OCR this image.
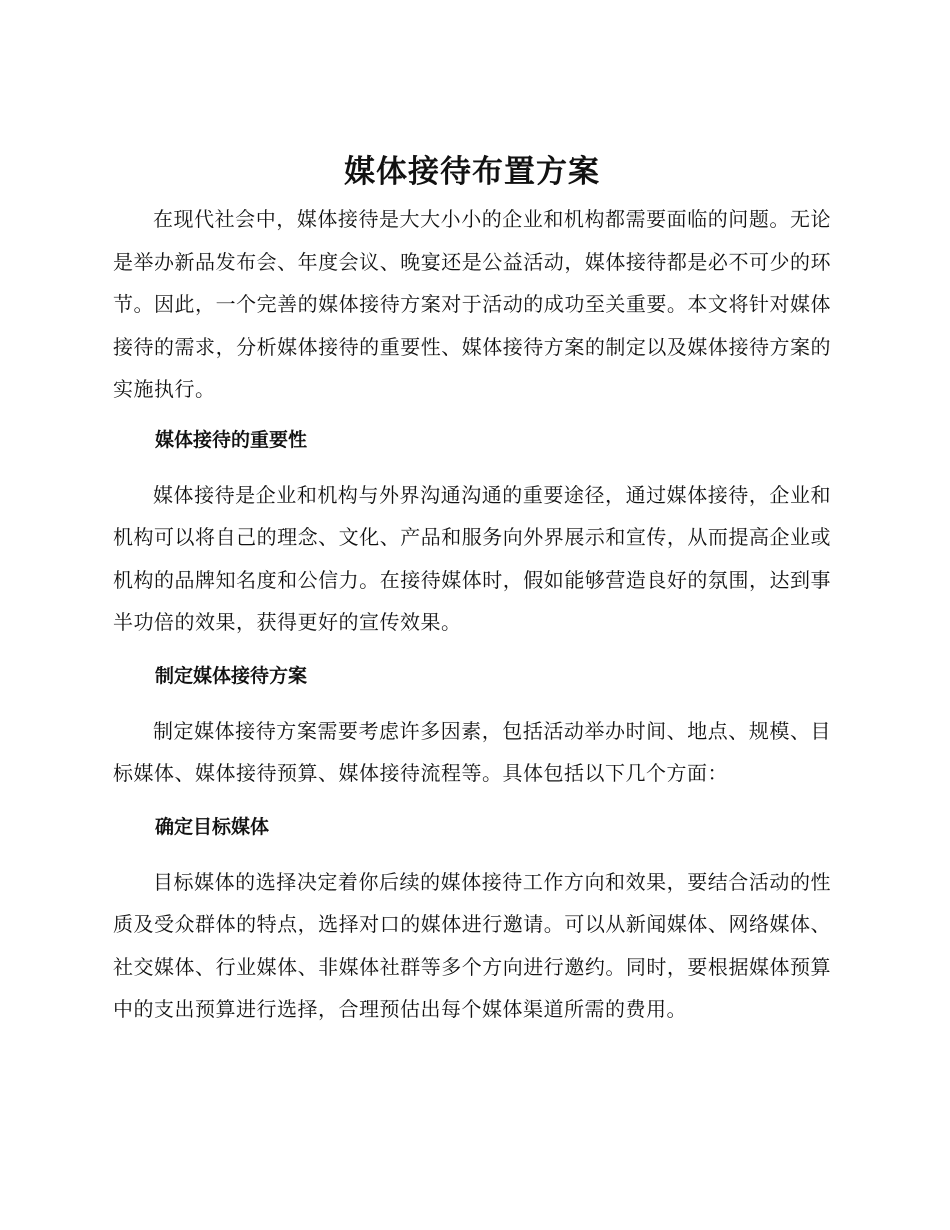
媒体接待布置方案

在现代社会中，媒体接待是大大小小的企业和机构都需要面临的问题。无论是举办新品发布会、年度会议、晚宴还是公益活动，媒体接待都是必不可少的环节。因此，一个完善的媒体接待方案对于活动的成功至关重要。本文将针对媒体接待的需求，分析媒体接待的重要性、媒体接待方案的制定以及媒体接待方案的实施执行。

媒体接待的重要性

媒体接待是企业和机构与外界沟通沟通的重要途径，通过媒体接待，企业和机构可以将自己的理念、文化、产品和服务向外界展示和宣传，从而提高企业或机构的品牌知名度和公信力。在接待媒体时，假如能够营造良好的氛围，达到事半功倍的效果，获得更好的宣传效果。

制定媒体接待方案

制定媒体接待方案需要考虑许多因素，包括活动举办时间、地点、规模、目标媒体、媒体接待预算、媒体接待流程等。具体包括以下几个方面：

确定目标媒体

目标媒体的选择决定着你后续的媒体接待工作方向和效果，要结合活动的性质及受众群体的特点，选择对口的媒体进行邀请。可以从新闻媒体、网络媒体、社交媒体、行业媒体、非媒体社群等多个方向进行邀约。同时，要根据媒体预算中的支出预算进行选择，合理预估出每个媒体渠道所需的费用。
